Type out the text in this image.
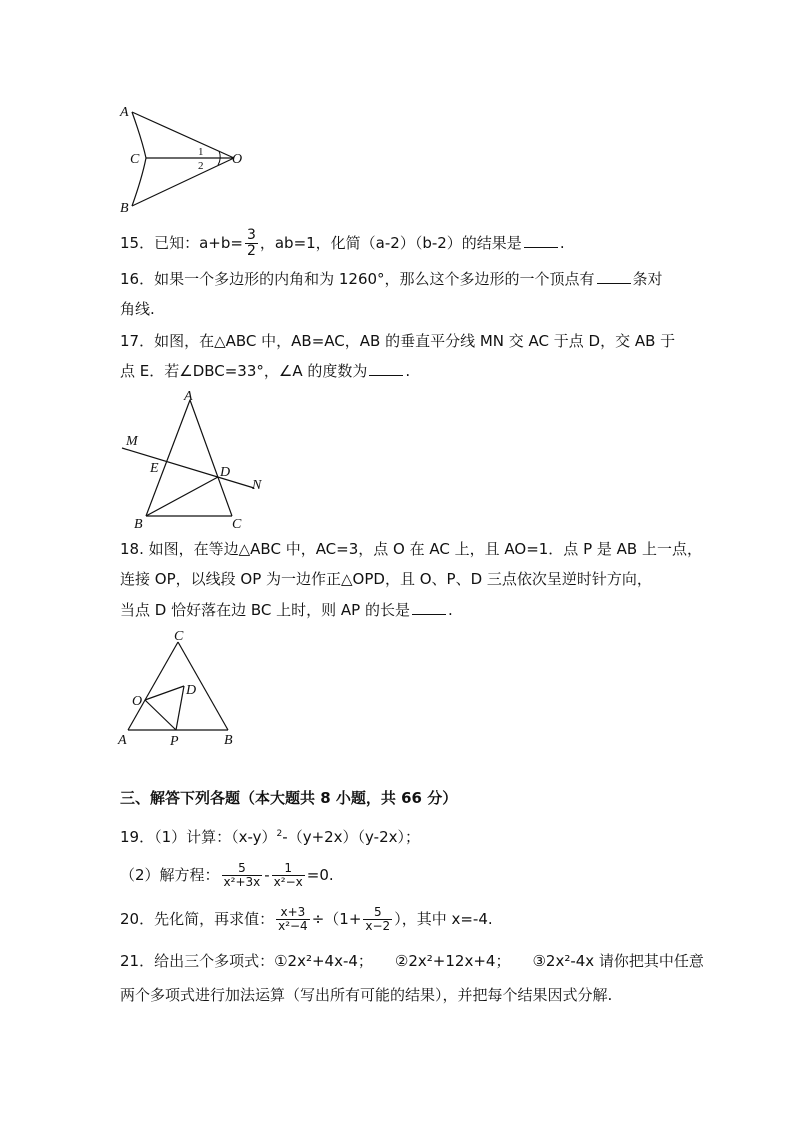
A
C
B
O
1
2
15．已知：$a+b= \frac{3}{2}$ ，ab=1，化简（a-2）（b-2）的结果是	.
16．如果一个多边形的内角和为 1260°，那么这个多边形的一个顶点有	条对
角线.
17．如图，在△ABC 中，AB=AC，AB 的垂直平分线 MN 交 AC 于点 D，交 AB 于
点 E．若∠DBC=33°，∠A 的度数为	.
A
M
E	D
N
B	C
18. 如图，在等边△ABC 中，AC=3，点 O 在 AC 上，且 AO=1．点 P 是 AB 上一点，
连接 OP，以线段 OP 为一边作正△OPD，且 O、P、D 三点依次呈逆时针方向，
当点 D 恰好落在边 BC 上时，则 AP 的长是	.
C
D
O
A	P	B
三、解答下列各题（本大题共 8 小题，共 66 分）
19．（1）计算：$(x-y)^2-(y+2x)(y-2x)$；
（2）解方程： $\frac{5}{\text{x²+3x}} - \frac{1}{\text{x²−x}} =0$.
20．先化简，再求值： $\frac{x+3}{\text{x²−4}} \div(1+ \frac{5}{x-2}$ ），其中 x=-4.
21．给出三个多项式：①2x²+4x-4； ②2x²+12x+4； ③2x²-4x 请你把其中任意
两个多项式进行加法运算（写出所有可能的结果），并把每个结果因式分解.
